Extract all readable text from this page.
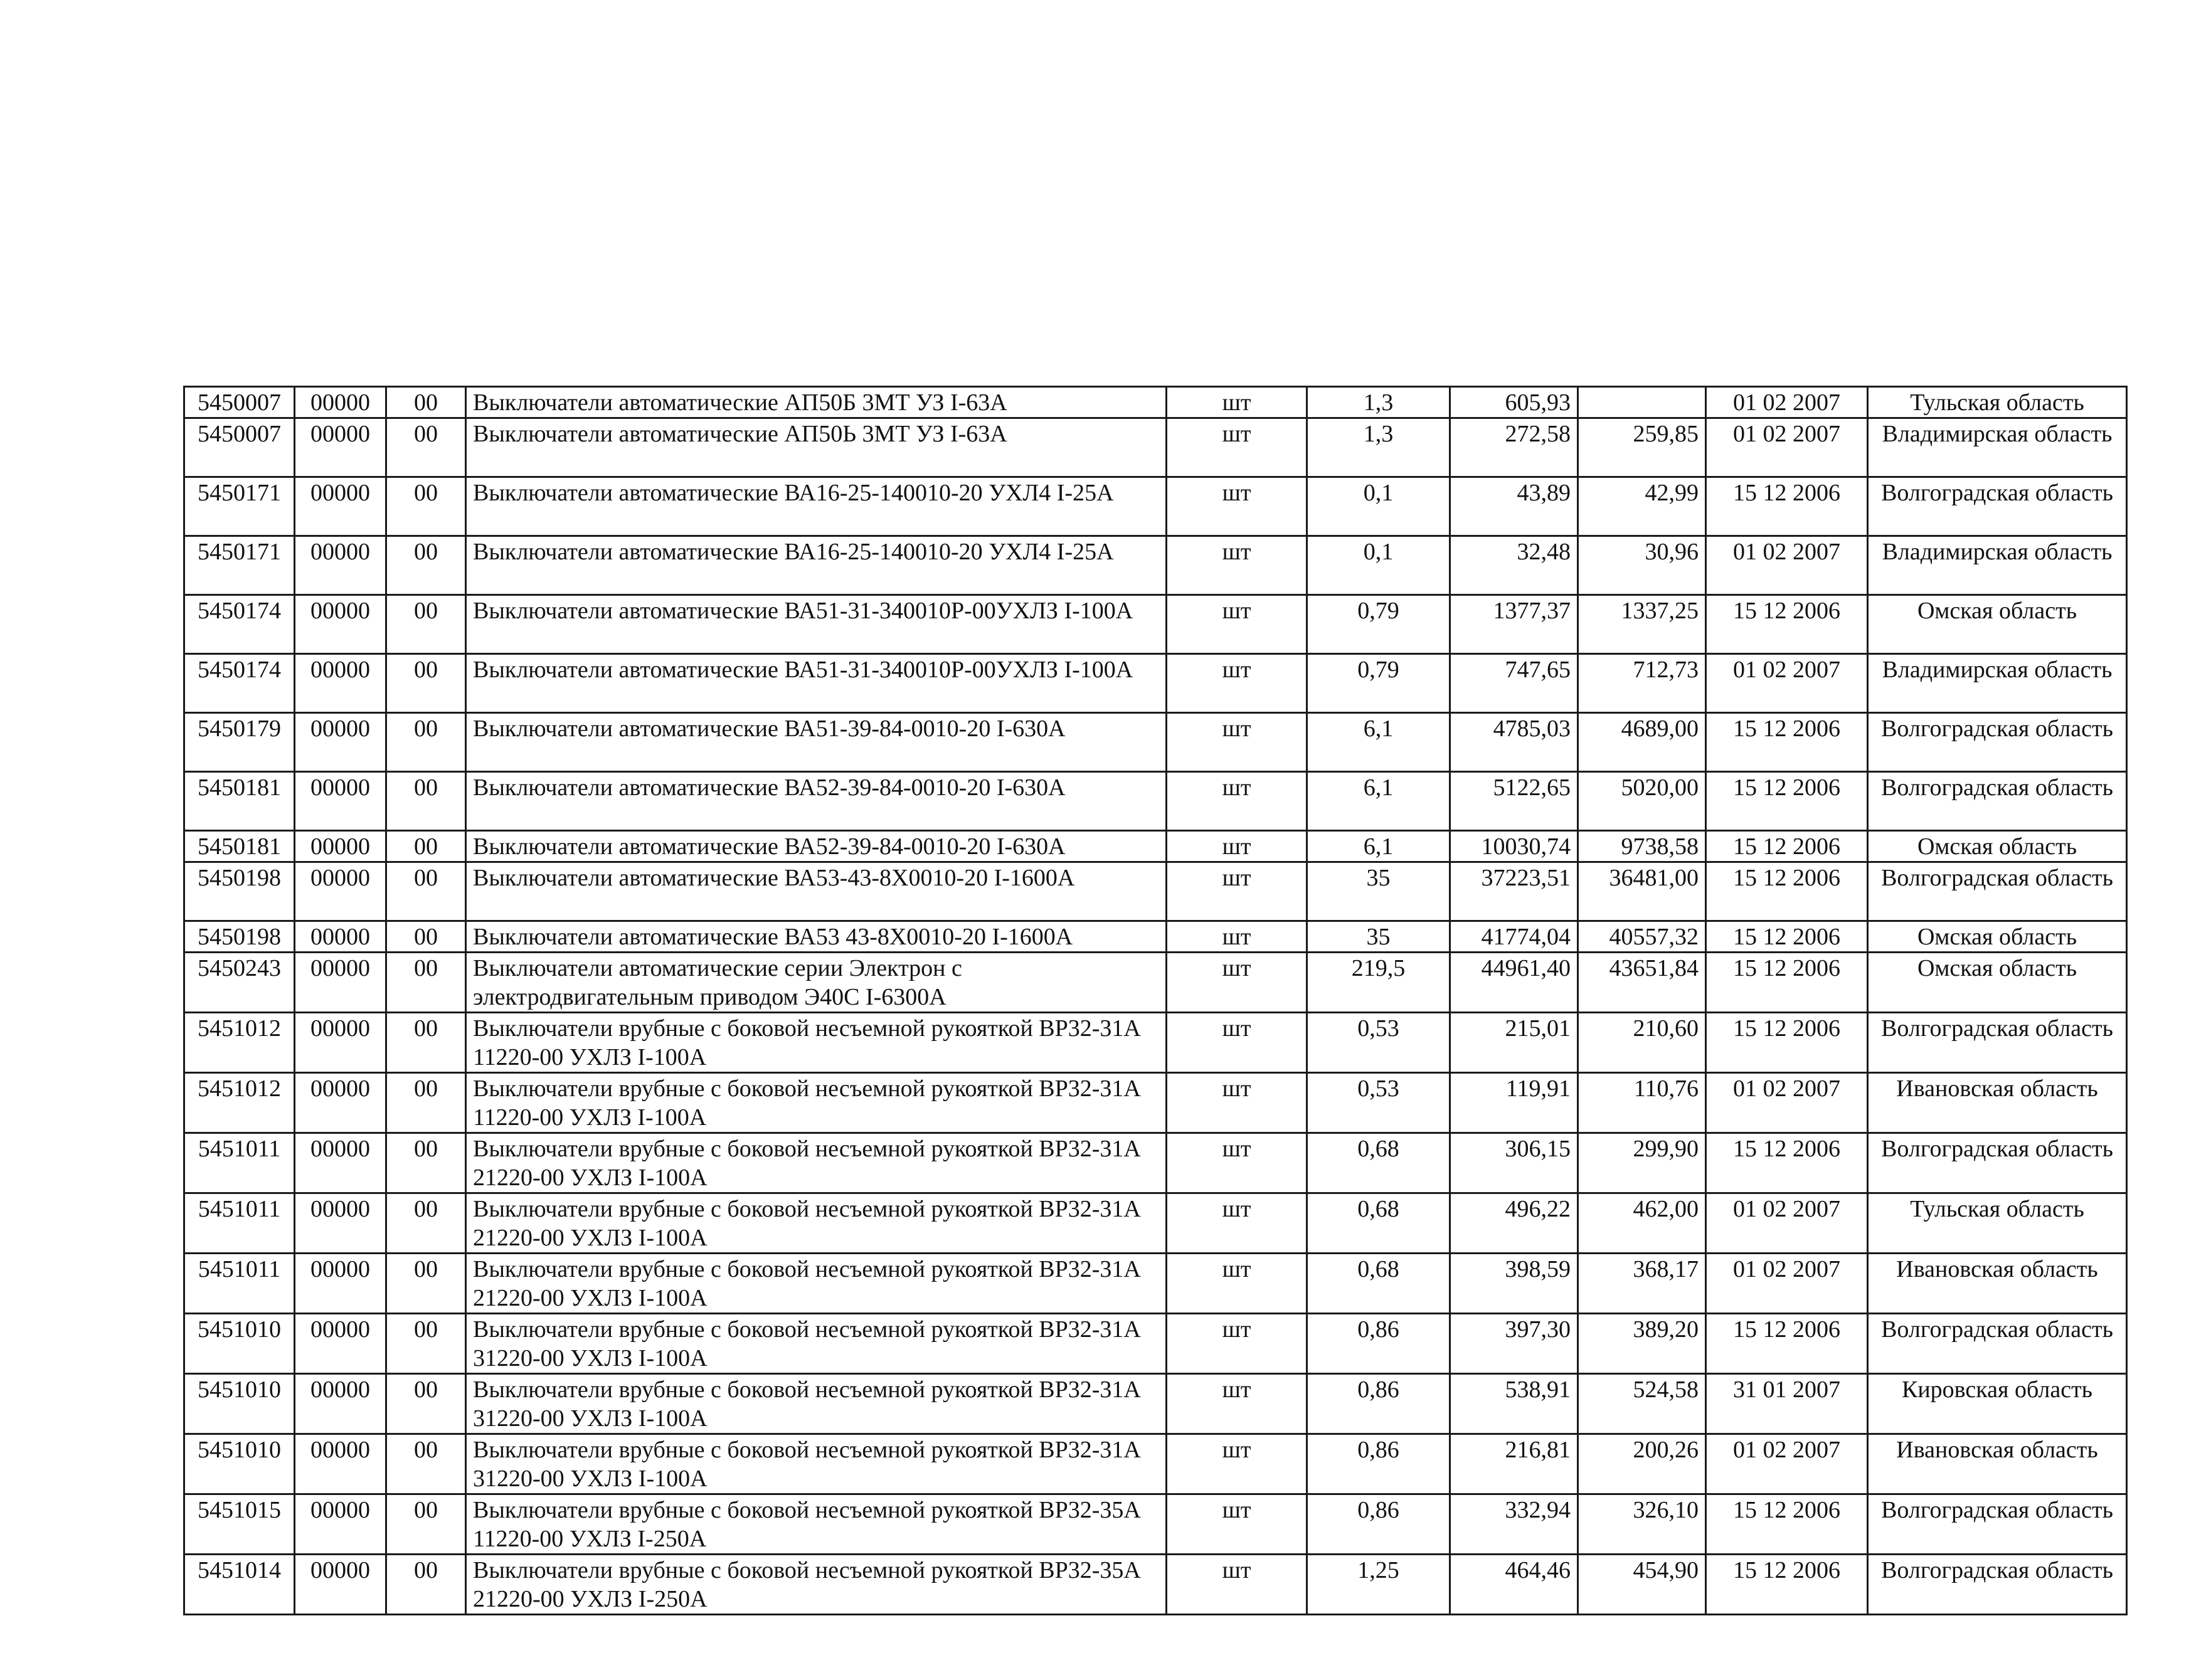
5450007	00000	00	Выключатели автоматические АП50Б 3МТ УЗ I-63А	шт	1,3	605,93		01 02 2007	Тульская область
5450007	00000	00	Выключатели автоматические АП50Ь 3МТ УЗ I-63А	шт	1,3	272,58	259,85	01 02 2007	Владимирская область
5450171	00000	00	Выключатели автоматические ВА16-25-140010-20 УХЛ4 I-25А	шт	0,1	43,89	42,99	15 12 2006	Волгоградская область
5450171	00000	00	Выключатели автоматические ВА16-25-140010-20 УХЛ4 I-25А	шт	0,1	32,48	30,96	01 02 2007	Владимирская область
5450174	00000	00	Выключатели автоматические ВА51-31-340010Р-00УХЛЗ I-100А	шт	0,79	1377,37	1337,25	15 12 2006	Омская область
5450174	00000	00	Выключатели автоматические ВА51-31-340010Р-00УХЛЗ I-100А	шт	0,79	747,65	712,73	01 02 2007	Владимирская область
5450179	00000	00	Выключатели автоматические ВА51-39-84-0010-20 I-630А	шт	6,1	4785,03	4689,00	15 12 2006	Волгоградская область
5450181	00000	00	Выключатели автоматические ВА52-39-84-0010-20 I-630А	шт	6,1	5122,65	5020,00	15 12 2006	Волгоградская область
5450181	00000	00	Выключатели автоматические ВА52-39-84-0010-20 I-630А	шт	6,1	10030,74	9738,58	15 12 2006	Омская область
5450198	00000	00	Выключатели автоматические ВА53-43-8Х0010-20 I-1600А	шт	35	37223,51	36481,00	15 12 2006	Волгоградская область
5450198	00000	00	Выключатели автоматические ВА53 43-8Х0010-20 I-1600А	шт	35	41774,04	40557,32	15 12 2006	Омская область
5450243	00000	00	Выключатели автоматические серии Электрон с электродвигательным приводом Э40С I-6300А	шт	219,5	44961,40	43651,84	15 12 2006	Омская область
5451012	00000	00	Выключатели врубные с боковой несъемной рукояткой ВР32-31А 11220-00 УХЛЗ I-100А	шт	0,53	215,01	210,60	15 12 2006	Волгоградская область
5451012	00000	00	Выключатели врубные с боковой несъемной рукояткой ВР32-31А 11220-00 УХЛЗ I-100А	шт	0,53	119,91	110,76	01 02 2007	Ивановская область
5451011	00000	00	Выключатели врубные с боковой несъемной рукояткой ВР32-31А 21220-00 УХЛЗ I-100А	шт	0,68	306,15	299,90	15 12 2006	Волгоградская область
5451011	00000	00	Выключатели врубные с боковой несъемной рукояткой ВР32-31А 21220-00 УХЛЗ I-100А	шт	0,68	496,22	462,00	01 02 2007	Тульская область
5451011	00000	00	Выключатели врубные с боковой несъемной рукояткой ВР32-31А 21220-00 УХЛЗ I-100А	шт	0,68	398,59	368,17	01 02 2007	Ивановская область
5451010	00000	00	Выключатели врубные с боковой несъемной рукояткой ВР32-31А 31220-00 УХЛЗ I-100А	шт	0,86	397,30	389,20	15 12 2006	Волгоградская область
5451010	00000	00	Выключатели врубные с боковой несъемной рукояткой ВР32-31А 31220-00 УХЛЗ I-100А	шт	0,86	538,91	524,58	31 01 2007	Кировская область
5451010	00000	00	Выключатели врубные с боковой несъемной рукояткой ВР32-31А 31220-00 УХЛЗ I-100А	шт	0,86	216,81	200,26	01 02 2007	Ивановская область
5451015	00000	00	Выключатели врубные с боковой несъемной рукояткой ВР32-35А 11220-00 УХЛЗ I-250А	шт	0,86	332,94	326,10	15 12 2006	Волгоградская область
5451014	00000	00	Выключатели врубные с боковой несъемной рукояткой ВР32-35А 21220-00 УХЛЗ I-250А	шт	1,25	464,46	454,90	15 12 2006	Волгоградская область
